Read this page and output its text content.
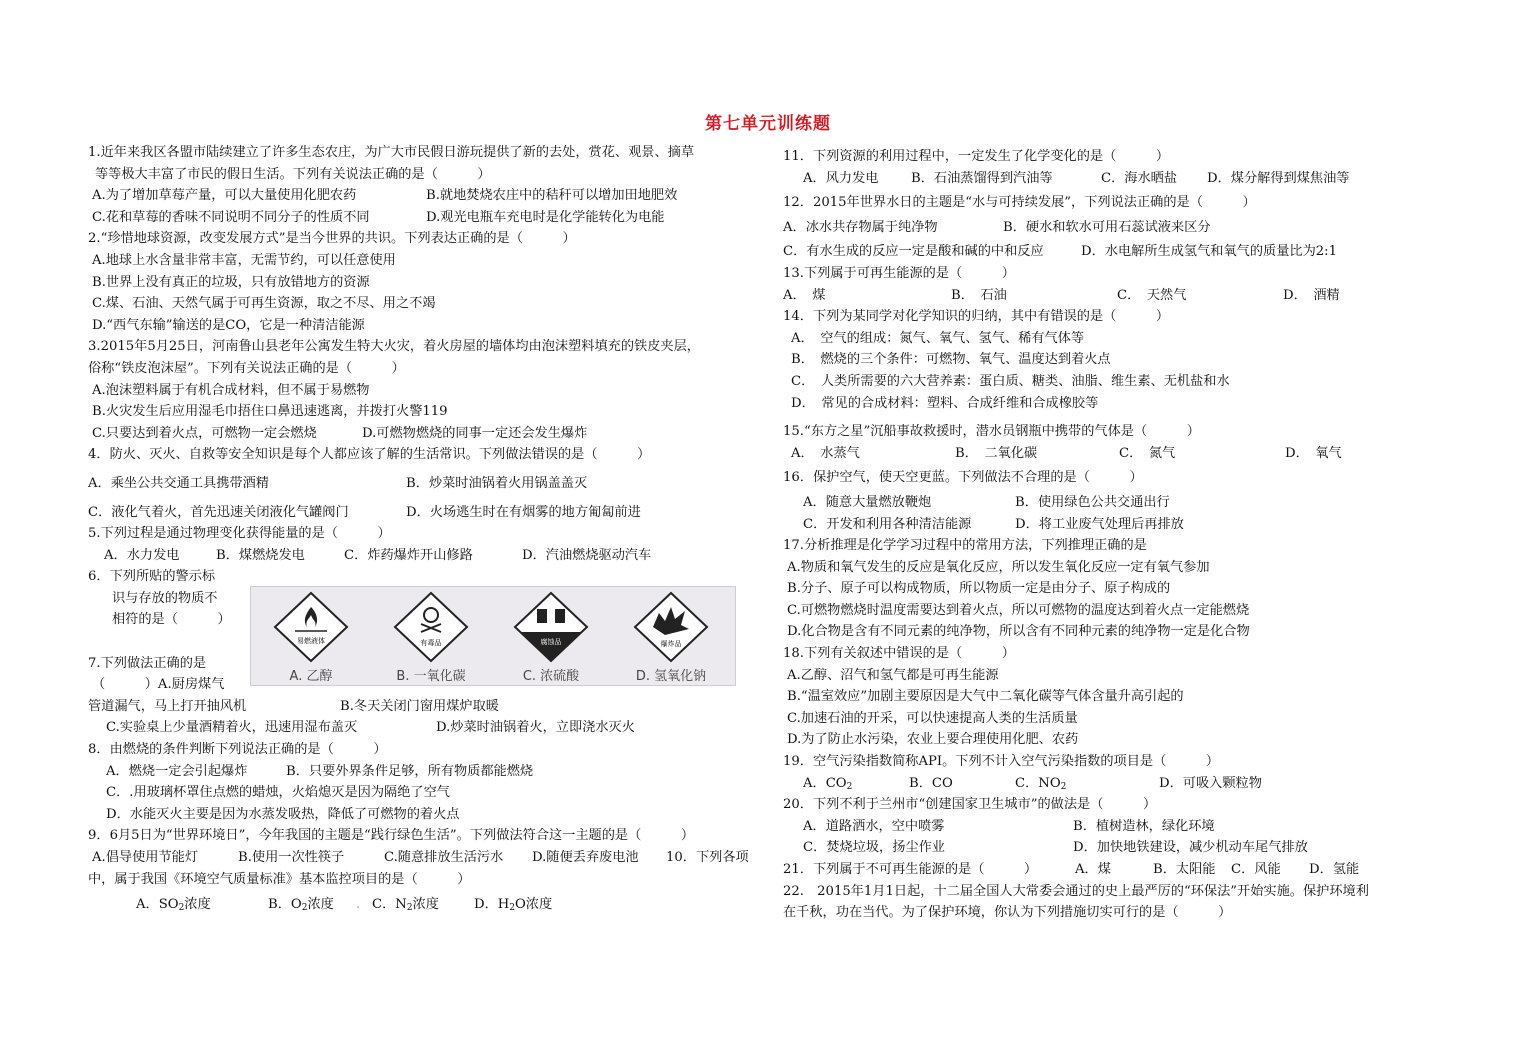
第七单元训练题
1.近年来我区各盟市陆续建立了许多生态农庄，为广大市民假日游玩提供了新的去处，赏花、观景、摘草
等等极大丰富了市民的假日生活。下列有关说法正确的是（　　　）
A.为了增加草莓产量，可以大量使用化肥农药	B.就地焚烧农庄中的秸秆可以增加田地肥效
C.花和草莓的香味不同说明不同分子的性质不同	D.观光电瓶车充电时是化学能转化为电能
2.“珍惜地球资源，改变发展方式”是当今世界的共识。下列表达正确的是（　　　）
A.地球上水含量非常丰富，无需节约，可以任意使用
B.世界上没有真正的垃圾，只有放错地方的资源
C.煤、石油、天然气属于可再生资源，取之不尽、用之不竭
D.“西气东输”输送的是CO，它是一种清洁能源
3.2015年5月25日，河南鲁山县老年公寓发生特大火灾，着火房屋的墙体均由泡沫塑料填充的铁皮夹层，
俗称“铁皮泡沫屋”。下列有关说法正确的是（　　　）
A.泡沫塑料属于有机合成材料，但不属于易燃物
B.火灾发生后应用湿毛巾捂住口鼻迅速逃离，并拨打火警119
C.只要达到着火点，可燃物一定会燃烧	D.可燃物燃烧的同事一定还会发生爆炸
4．防火、灭火、自救等安全知识是每个人都应该了解的生活常识。下列做法错误的是（　　　）
A．乘坐公共交通工具携带酒精	B．炒菜时油锅着火用锅盖盖灭
C．液化气着火，首先迅速关闭液化气罐阀门	D．火场逃生时在有烟雾的地方匍匐前进
5.下列过程是通过物理变化获得能量的是（　　　）
A．水力发电	B．煤燃烧发电	C．炸药爆炸开山修路	D．汽油燃烧驱动汽车
6．下列所贴的警示标
识与存放的物质不
相符的是（　　　）
7.下列做法正确的是
（　　　）A.厨房煤气
管道漏气，马上打开抽风机	B.冬天关闭门窗用煤炉取暖
C.实验桌上少量酒精着火，迅速用湿布盖灭	D.炒菜时油锅着火，立即浇水灭火
8．由燃烧的条件判断下列说法正确的是（　　　）
A．燃烧一定会引起爆炸	B．只要外界条件足够，所有物质都能燃烧
C．.用玻璃杯罩住点燃的蜡烛，火焰熄灭是因为隔绝了空气
D．水能灭火主要是因为水蒸发吸热，降低了可燃物的着火点
9．6月5日为“世界环境日”，今年我国的主题是“践行绿色生活”。下列做法符合这一主题的是（　　　）
A.倡导使用节能灯	B.使用一次性筷子	C.随意排放生活污水 D.随便丢弃废电池 10．下列各项
中，属于我国《环境空气质量标准》基本监控项目的是（　　　）
A．$SO_2$浓度	B．$O_2$浓度 . C．$N_2$浓度	D．$H_2O$浓度
易燃液体
A. 乙醇
有毒品
B. 一氧化碳
腐蚀品
C. 浓硫酸
爆炸品
D. 氢氧化钠
11．下列资源的利用过程中，一定发生了化学变化的是（　　　）
A．风力发电 B．石油蒸馏得到汽油等	C．海水晒盐 D．煤分解得到煤焦油等
12．2015年世界水日的主题是“水与可持续发展”，下列说法正确的是（　　　）
A．冰水共存物属于纯净物	B．硬水和软水可用石蕊试液来区分
C．有水生成的反应一定是酸和碱的中和反应	D．水电解所生成氢气和氧气的质量比为2:1
13.下列属于可再生能源的是（　　　）
A．　煤	B．　石油	C．　天然气	D．　酒精
14．下列为某同学对化学知识的归纳，其中有错误的是（　　　）
A．　空气的组成：氮气、氧气、氢气、稀有气体等
B．　燃烧的三个条件：可燃物、氧气、温度达到着火点
C．　人类所需要的六大营养素：蛋白质、糖类、油脂、维生素、无机盐和水
D．　常见的合成材料：塑料、合成纤维和合成橡胶等
15.“东方之星”沉船事故救援时，潜水员钢瓶中携带的气体是（　　　）
A．　水蒸气	B．　二氧化碳	C．　氮气	D．　氧气
16．保护空气，使天空更蓝。下列做法不合理的是（　　　）
A．随意大量燃放鞭炮	B．使用绿色公共交通出行
C．开发和利用各种清洁能源	D．将工业废气处理后再排放
17.分析推理是化学学习过程中的常用方法，下列推理正确的是
A.物质和氧气发生的反应是氧化反应，所以发生氧化反应一定有氧气参加
B.分子、原子可以构成物质，所以物质一定是由分子、原子构成的
C.可燃物燃烧时温度需要达到着火点，所以可燃物的温度达到着火点一定能燃烧
D.化合物是含有不同元素的纯净物，所以含有不同种元素的纯净物一定是化合物
18.下列有关叙述中错误的是（　　　）
A.乙醇、沼气和氢气都是可再生能源
B.“温室效应”加剧主要原因是大气中二氧化碳等气体含量升高引起的
C.加速石油的开采，可以快速提高人类的生活质量
D.为了防止水污染，农业上要合理使用化肥、农药
19．空气污染指数简称API。下列不计入空气污染指数的项目是（　　　）
A．$CO_2$	B．CO	C．$NO_2$	D．可吸入颗粒物
20．下列不利于兰州市“创建国家卫生城市”的做法是（　　　）
A．道路洒水，空中喷雾	B．植树造林，绿化环境
C．焚烧垃圾，扬尘作业	D．加快地铁建设，减少机动车尾气排放
21．下列属于不可再生能源的是（　　　）	A．煤	B．太阳能 C．风能 D．氢能
22.　2015年1月1日起，十二届全国人大常委会通过的史上最严厉的“环保法”开始实施。保护环境利
在千秋，功在当代。为了保护环境，你认为下列措施切实可行的是（　　　）
